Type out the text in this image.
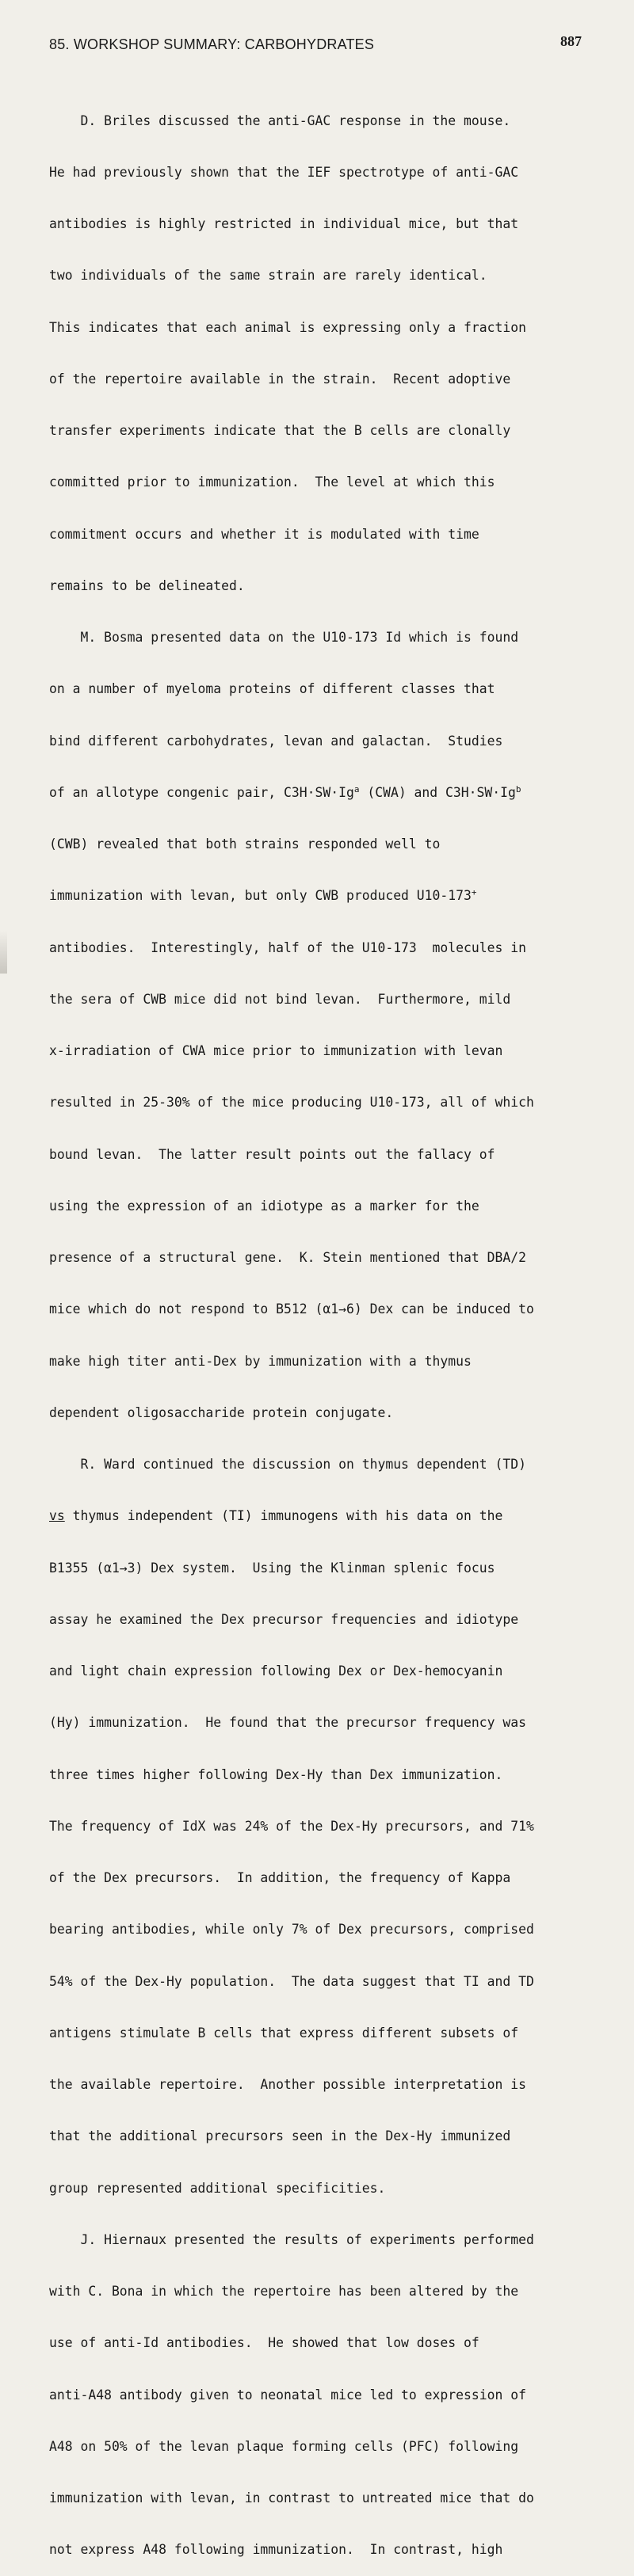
85. WORKSHOP SUMMARY: CARBOHYDRATES	887

D. Briles discussed the anti-GAC response in the mouse.

He had previously shown that the IEF spectrotype of anti-GAC

antibodies is highly restricted in individual mice, but that

two individuals of the same strain are rarely identical.

This indicates that each animal is expressing only a fraction

of the repertoire available in the strain.  Recent adoptive

transfer experiments indicate that the B cells are clonally

committed prior to immunization.  The level at which this

commitment occurs and whether it is modulated with time

remains to be delineated.

M. Bosma presented data on the U10-173 Id which is found

on a number of myeloma proteins of different classes that

bind different carbohydrates, levan and galactan.  Studies

of an allotype congenic pair, $C3H\cdot SW\cdot Ig^a$ (CWA) and $C3H\cdot SW\cdot Ig^b$

(CWB) revealed that both strains responded well to

immunization with levan, but only CWB produced U10-173+

antibodies.  Interestingly, half of the U10-173  molecules in

the sera of CWB mice did not bind levan.  Furthermore, mild

x-irradiation of CWA mice prior to immunization with levan

resulted in 25-30% of the mice producing U10-173, all of which

bound levan.  The latter result points out the fallacy of

using the expression of an idiotype as a marker for the

presence of a structural gene.  K. Stein mentioned that DBA/2

mice which do not respond to B512 (α1→6) Dex can be induced to

make high titer anti-Dex by immunization with a thymus

dependent oligosaccharide protein conjugate.

R. Ward continued the discussion on thymus dependent (TD)

vs thymus independent (TI) immunogens with his data on the

B1355 (α1→3) Dex system.  Using the Klinman splenic focus

assay he examined the Dex precursor frequencies and idiotype

and light chain expression following Dex or Dex-hemocyanin

(Hy) immunization.  He found that the precursor frequency was

three times higher following Dex-Hy than Dex immunization.

The frequency of IdX was 24% of the Dex-Hy precursors, and 71%

of the Dex precursors.  In addition, the frequency of Kappa

bearing antibodies, while only 7% of Dex precursors, comprised

54% of the Dex-Hy population.  The data suggest that TI and TD

antigens stimulate B cells that express different subsets of

the available repertoire.  Another possible interpretation is

that the additional precursors seen in the Dex-Hy immunized

group represented additional specificities.

J. Hiernaux presented the results of experiments performed

with C. Bona in which the repertoire has been altered by the

use of anti-Id antibodies.  He showed that low doses of

anti-A48 antibody given to neonatal mice led to expression of

A48 on 50% of the levan plaque forming cells (PFC) following

immunization with levan, in contrast to untreated mice that do

not express A48 following immunization.  In contrast, high
